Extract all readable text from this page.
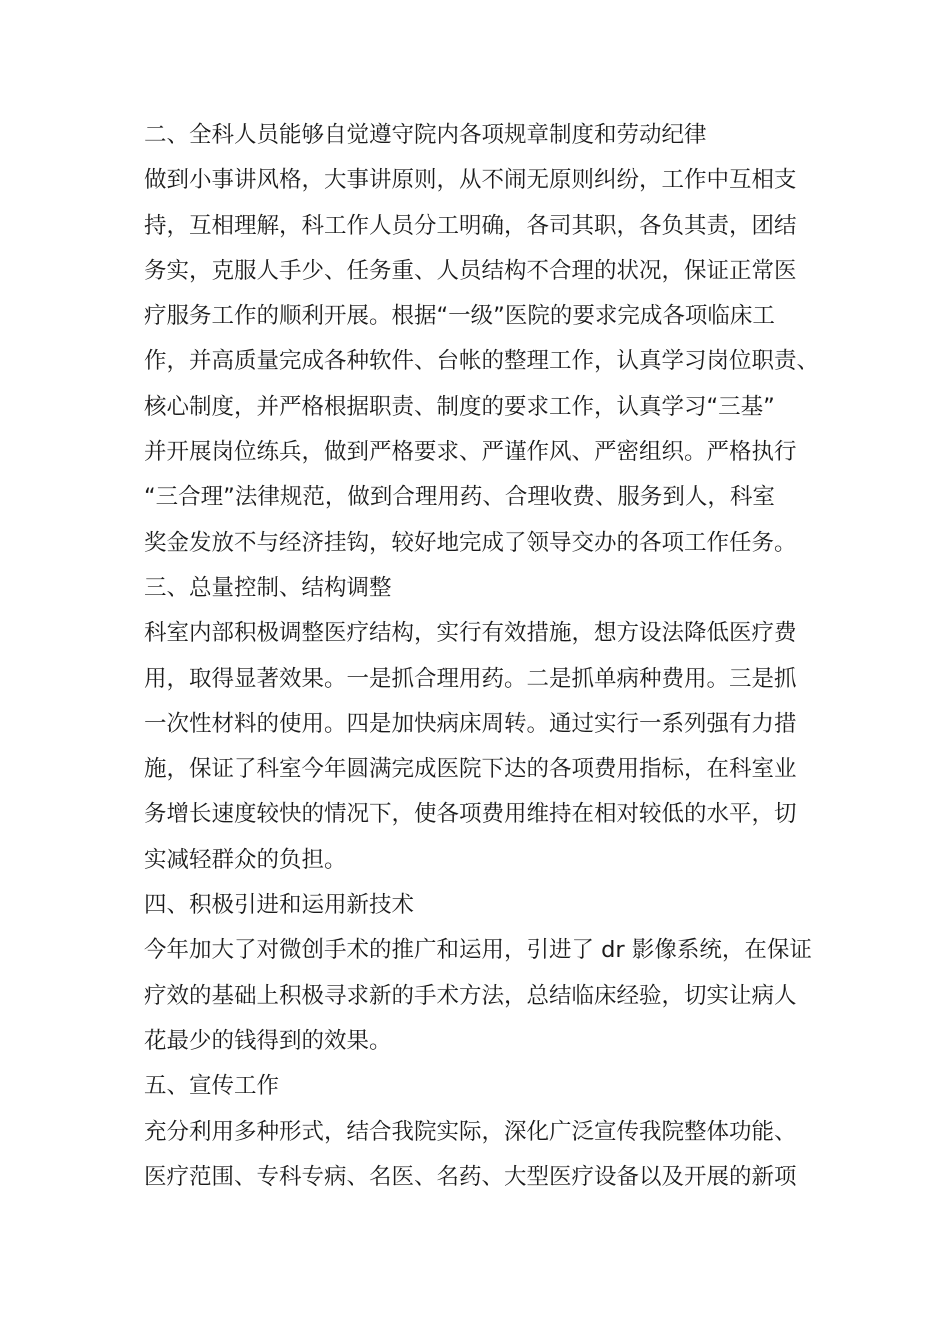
二、全科人员能够自觉遵守院内各项规章制度和劳动纪律
做到小事讲风格，大事讲原则，从不闹无原则纠纷，工作中互相支
持，互相理解，科工作人员分工明确，各司其职，各负其责，团结
务实，克服人手少、任务重、人员结构不合理的状况，保证正常医
疗服务工作的顺利开展。根据“一级”医院的要求完成各项临床工
作，并高质量完成各种软件、台帐的整理工作，认真学习岗位职责、
核心制度，并严格根据职责、制度的要求工作，认真学习“三基”
并开展岗位练兵，做到严格要求、严谨作风、严密组织。严格执行
“三合理”法律规范，做到合理用药、合理收费、服务到人，科室
奖金发放不与经济挂钩，较好地完成了领导交办的各项工作任务。
三、总量控制、结构调整
科室内部积极调整医疗结构，实行有效措施，想方设法降低医疗费
用，取得显著效果。一是抓合理用药。二是抓单病种费用。三是抓
一次性材料的使用。四是加快病床周转。通过实行一系列强有力措
施，保证了科室今年圆满完成医院下达的各项费用指标，在科室业
务增长速度较快的情况下，使各项费用维持在相对较低的水平，切
实减轻群众的负担。
四、积极引进和运用新技术
今年加大了对微创手术的推广和运用，引进了 dr 影像系统，在保证
疗效的基础上积极寻求新的手术方法，总结临床经验，切实让病人
花最少的钱得到的效果。
五、宣传工作
充分利用多种形式，结合我院实际，深化广泛宣传我院整体功能、
医疗范围、专科专病、名医、名药、大型医疗设备以及开展的新项
